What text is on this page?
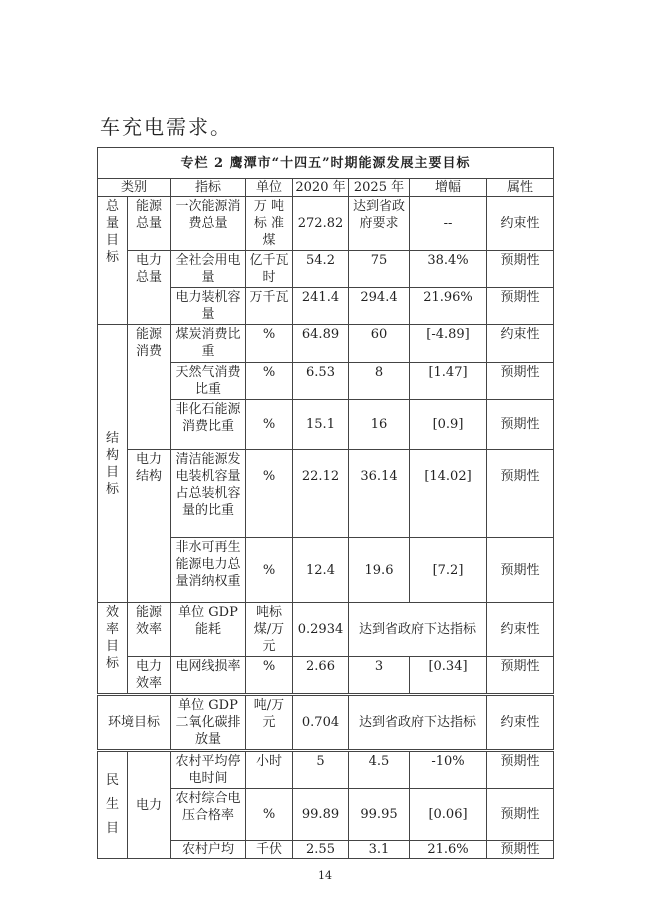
车充电需求。
专栏 2 鹰潭市“十四五”时期能源发展主要目标							
类别		指标	单位	2020 年	2025 年	增幅	属性
总量目标	能源总量	一次能源消费总量	万 吨 标 准 煤	272.82	达到省政府要求	--	约束性
	电力总量	全社会用电量	亿千瓦时	54.2	75	38.4%	预期性
		电力装机容量	万千瓦	241.4	294.4	21.96%	预期性
结构目标	能源消费	煤炭消费比重	%	64.89	60	[-4.89]	约束性
		天然气消费比重	%	6.53	8	[1.47]	预期性
		非化石能源消费比重	%	15.1	16	[0.9]	预期性
	电力结构	清洁能源发电装机容量占总装机容量的比重	%	22.12	36.14	[14.02]	预期性
		非水可再生能源电力总量消纳权重	%	12.4	19.6	[7.2]	预期性
效率目标	能源效率	单位 GDP 能耗	吨标煤/万元	0.2934	达到省政府下达指标		约束性
	电力效率	电网线损率	%	2.66	3	[0.34]	预期性
环境目标		单位 GDP 二氧化碳排放量	吨/万元	0.704	达到省政府下达指标		约束性
民生目	电力	农村平均停电时间	小时	5	4.5	-10%	预期性
		农村综合电压合格率	%	99.89	99.95	[0.06]	预期性
		农村户均	千伏	2.55	3.1	21.6%	预期性
14
